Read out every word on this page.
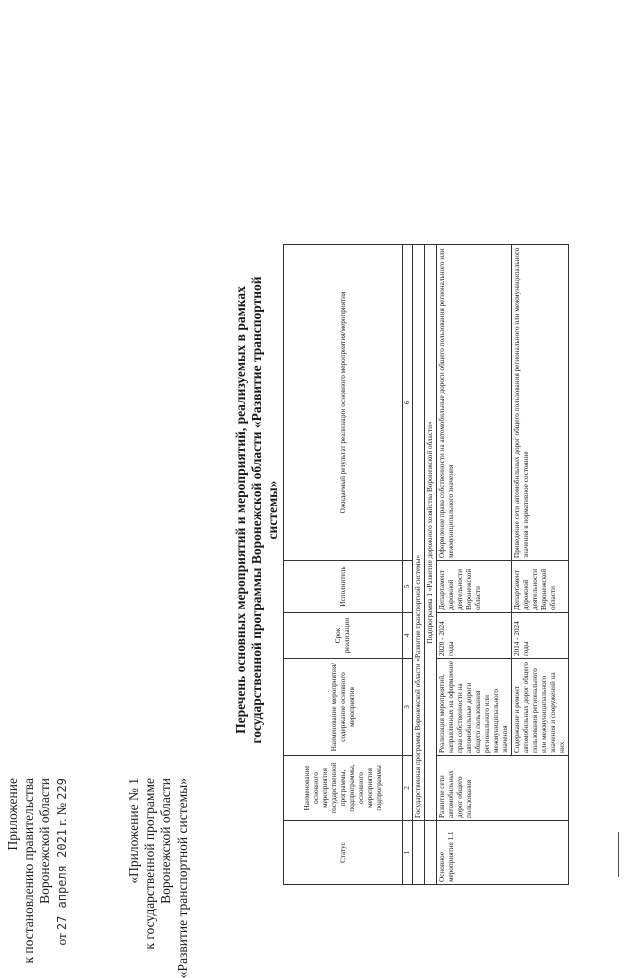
Приложение к постановлению правительства Воронежской области
от 27 апреля 2021 г. № 229	«Приложение № 1 к государственной программе Воронежской области «Развитие транспортной системы»
Перечень основных мероприятий и мероприятий, реализуемых в рамках государственной программы Воронежской области «Развитие транспортной системы»
Статус	Наименование основного мероприятия государственной программы, подпрограммы, основного мероприятия подпрограммы	Наименование мероприятия/содержание основного мероприятия	Срок реализации	Исполнитель	Ожидаемый результат реализации основного мероприятия/мероприятия
1	2	3	4	5	6
	Государственная программа Воронежской области «Развитие транспортной системы»				
	Подпрограмма 1 «Развитие дорожного хозяйства Воронежской области»				
Основное мероприятие 1.1	Развитие сети автомобильных дорог общего пользования	Реализация мероприятий, направленных на оформление прав собственности на автомобильные дороги общего пользования регионального или межмуниципального значения	2020 - 2024 годы	Департамент дорожной деятельности Воронежской области	Оформление права собственности на автомобильные дороги общего пользования регионального или межмуниципального значения
		Содержание и ремонт автомобильных дорог общего пользования регионального или межмуниципального значения и сооружений на них	2014 - 2024 годы	Департамент дорожной деятельности Воронежской области	Приведение сети автомобильных дорог общего пользования регионального или межмуниципального значения в нормативное состояние
